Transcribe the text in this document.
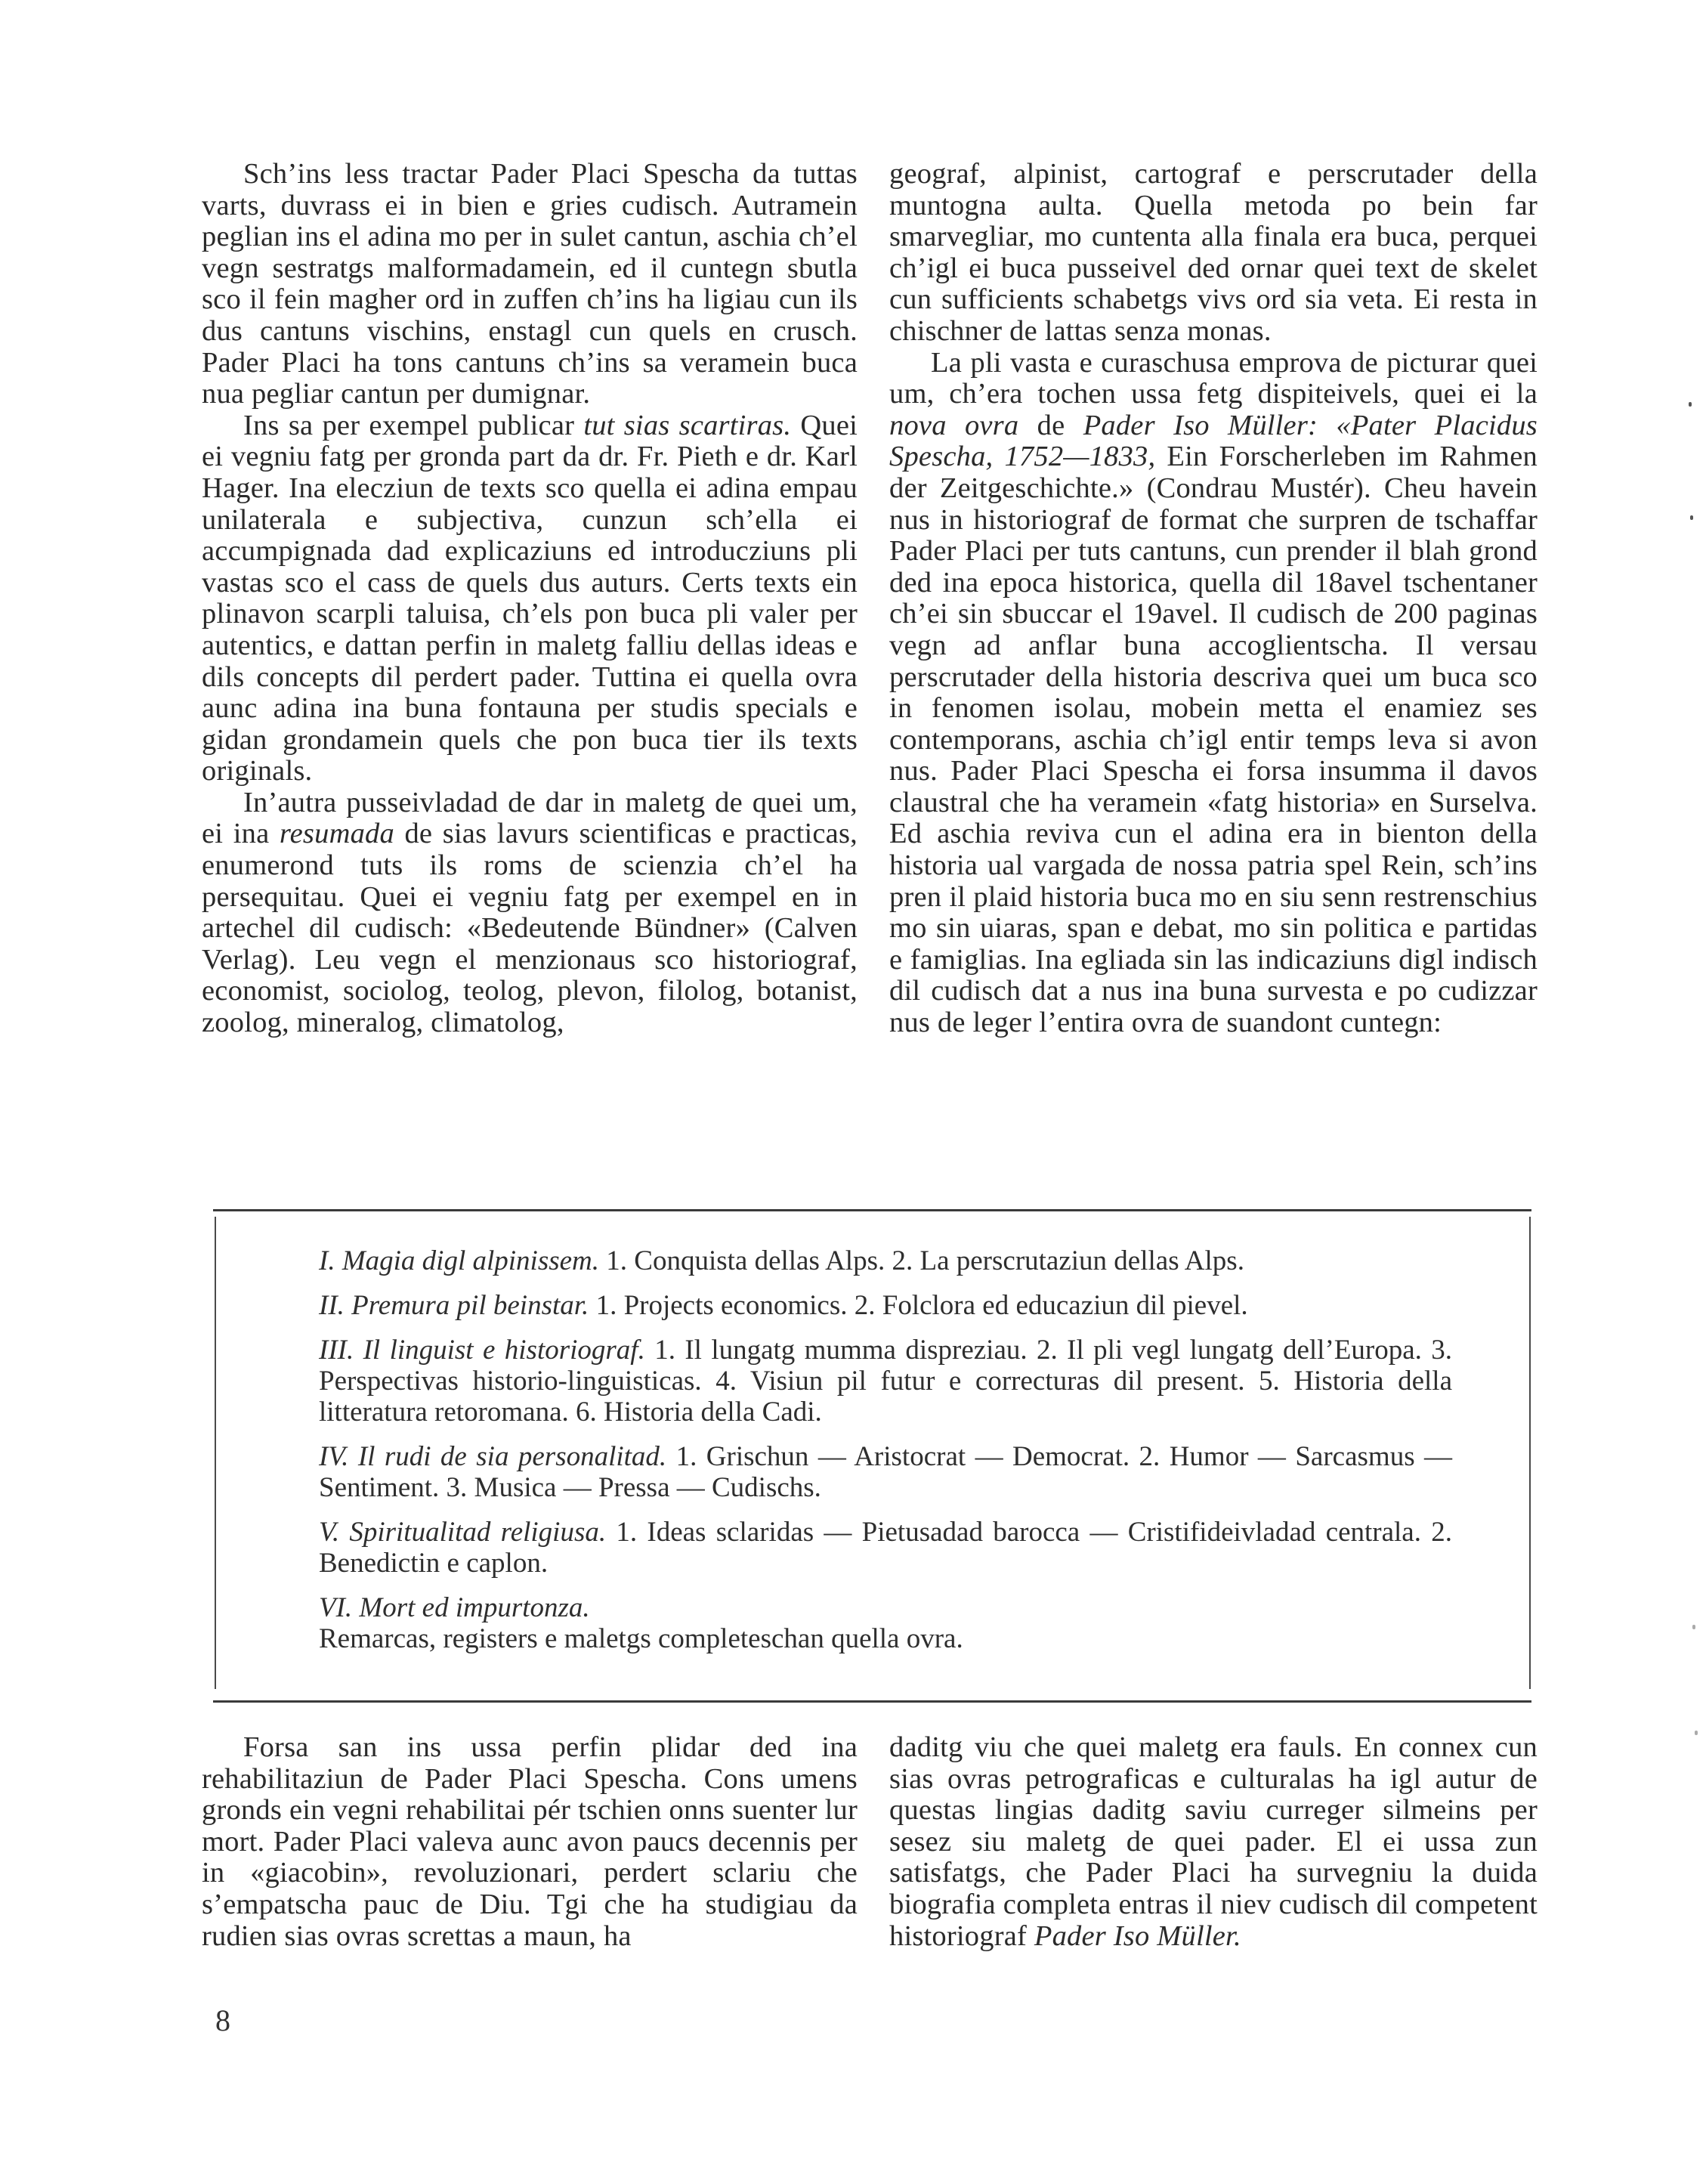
Sch’ins less tractar Pader Placi Spescha da tuttas varts, duvrass ei in bien e gries cudisch. Autramein peglian ins el adina mo per in sulet cantun, aschia ch’el vegn sestratgs malformadamein, ed il cuntegn sbutla sco il fein magher ord in zuffen ch’ins ha ligiau cun ils dus cantuns vischins, enstagl cun quels en crusch. Pader Placi ha tons cantuns ch’ins sa veramein buca nua pegliar cantun per dumignar.

Ins sa per exempel publicar tut sias scartiras. Quei ei vegniu fatg per gronda part da dr. Fr. Pieth e dr. Karl Hager. Ina elecziun de texts sco quella ei adina empau unilaterala e subjectiva, cunzun sch’ella ei accumpignada dad explicaziuns ed introducziuns pli vastas sco el cass de quels dus auturs. Certs texts ein plinavon scarpli taluisa, ch’els pon buca pli valer per autentics, e dattan perfin in maletg falliu dellas ideas e dils concepts dil perdert pader. Tuttina ei quella ovra aunc adina ina buna fontauna per studis specials e gidan grondamein quels che pon buca tier ils texts originals.

In’autra pusseivladad de dar in maletg de quei um, ei ina resumada de sias lavurs scientificas e practicas, enumerond tuts ils roms de scienzia ch’el ha persequitau. Quei ei vegniu fatg per exempel en in artechel dil cudisch: «Bedeutende Bündner» (Calven Verlag). Leu vegn el menzionaus sco historiograf, economist, sociolog, teolog, plevon, filolog, botanist, zoolog, mineralog, climatolog,

geograf, alpinist, cartograf e perscrutader della muntogna aulta. Quella metoda po bein far smarvegliar, mo cuntenta alla finala era buca, perquei ch’igl ei buca pusseivel ded ornar quei text de skelet cun sufficients schabetgs vivs ord sia veta. Ei resta in chischner de lattas senza monas.

La pli vasta e curaschusa emprova de picturar quei um, ch’era tochen ussa fetg dispiteivels, quei ei la nova ovra de Pader Iso Müller: «Pater Placidus Spescha, 1752—1833, Ein Forscherleben im Rahmen der Zeitgeschichte.» (Condrau Mustér). Cheu havein nus in historiograf de format che surpren de tschaffar Pader Placi per tuts cantuns, cun prender il blah grond ded ina epoca historica, quella dil 18avel tschentaner ch’ei sin sbuccar el 19avel. Il cudisch de 200 paginas vegn ad anflar buna accoglientscha. Il versau perscrutader della historia descriva quei um buca sco in fenomen isolau, mobein metta el enamiez ses contemporans, aschia ch’igl entir temps leva si avon nus. Pader Placi Spescha ei forsa insumma il davos claustral che ha veramein «fatg historia» en Surselva. Ed aschia reviva cun el adina era in bienton della historia ual vargada de nossa patria spel Rein, sch’ins pren il plaid historia buca mo en siu senn restrenschius mo sin uiaras, span e debat, mo sin politica e partidas e famiglias. Ina egliada sin las indicaziuns digl indisch dil cudisch dat a nus ina buna survesta e po cudizzar nus de leger l’entira ovra de suandont cuntegn:

I. Magia digl alpinissem. 1. Conquista dellas Alps. 2. La perscrutaziun dellas Alps.

II. Premura pil beinstar. 1. Projects economics. 2. Folclora ed educaziun dil pievel.

III. Il linguist e historiograf. 1. Il lungatg mumma dispreziau. 2. Il pli vegl lungatg dell’Europa. 3. Perspectivas historio-linguisticas. 4. Visiun pil futur e correcturas dil present. 5. Historia della litteratura retoromana. 6. Historia della Cadi.

IV. Il rudi de sia personalitad. 1. Grischun — Aristocrat — Democrat. 2. Humor — Sarcasmus — Sentiment. 3. Musica — Pressa — Cudischs.

V. Spiritualitad religiusa. 1. Ideas sclaridas — Pietusadad barocca — Cristifideivladad centrala. 2. Benedictin e caplon.

VI. Mort ed impurtonza.

Remarcas, registers e maletgs completeschan quella ovra.

Forsa san ins ussa perfin plidar ded ina rehabilitaziun de Pader Placi Spescha. Cons umens gronds ein vegni rehabilitai pér tschien onns suenter lur mort. Pader Placi valeva aunc avon paucs decennis per in «giacobin», revoluzionari, perdert sclariu che s’empatscha pauc de Diu. Tgi che ha studigiau da rudien sias ovras screttas a maun, ha

daditg viu che quei maletg era fauls. En connex cun sias ovras petrograficas e culturalas ha igl autur de questas lingias daditg saviu curreger silmeins per sesez siu maletg de quei pader. El ei ussa zun satisfatgs, che Pader Placi ha survegniu la duida biografia completa entras il niev cudisch dil competent historiograf Pader Iso Müller.

8
